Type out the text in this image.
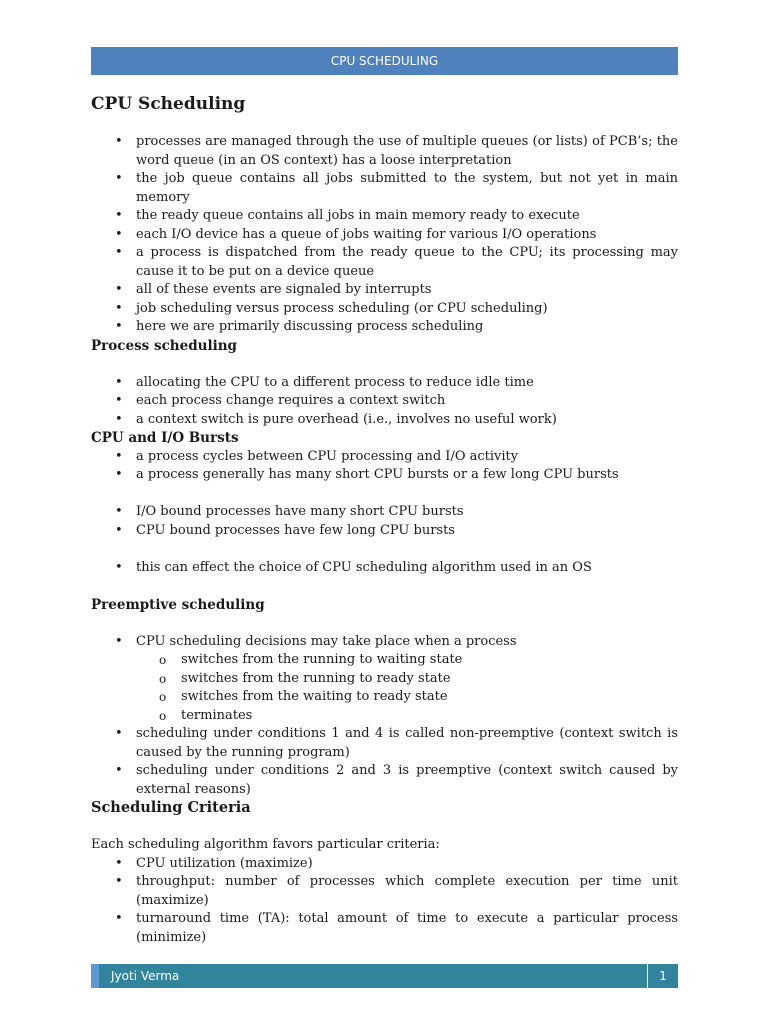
CPU SCHEDULING
CPU Scheduling
• processes are managed through the use of multiple queues (or lists) of PCB’s; the word queue (in an OS context) has a loose interpretation
• the job queue contains all jobs submitted to the system, but not yet in main memory
• the ready queue contains all jobs in main memory ready to execute
• each I/O device has a queue of jobs waiting for various I/O operations
• a process is dispatched from the ready queue to the CPU; its processing may cause it to be put on a device queue
• all of these events are signaled by interrupts
• job scheduling versus process scheduling (or CPU scheduling)
• here we are primarily discussing process scheduling
Process scheduling
• allocating the CPU to a different process to reduce idle time
• each process change requires a context switch
• a context switch is pure overhead (i.e., involves no useful work)
CPU and I/O Bursts
• a process cycles between CPU processing and I/O activity
• a process generally has many short CPU bursts or a few long CPU bursts
• I/O bound processes have many short CPU bursts
• CPU bound processes have few long CPU bursts
• this can effect the choice of CPU scheduling algorithm used in an OS
Preemptive scheduling
• CPU scheduling decisions may take place when a process
o switches from the running to waiting state
o switches from the running to ready state
o switches from the waiting to ready state
o terminates
• scheduling under conditions 1 and 4 is called non-preemptive (context switch is caused by the running program)
• scheduling under conditions 2 and 3 is preemptive (context switch caused by external reasons)
Scheduling Criteria

Each scheduling algorithm favors particular criteria:

• CPU utilization (maximize)
• throughput: number of processes which complete execution per time unit (maximize)
• turnaround time (TA): total amount of time to execute a particular process (minimize)
Jyoti Verma	1
